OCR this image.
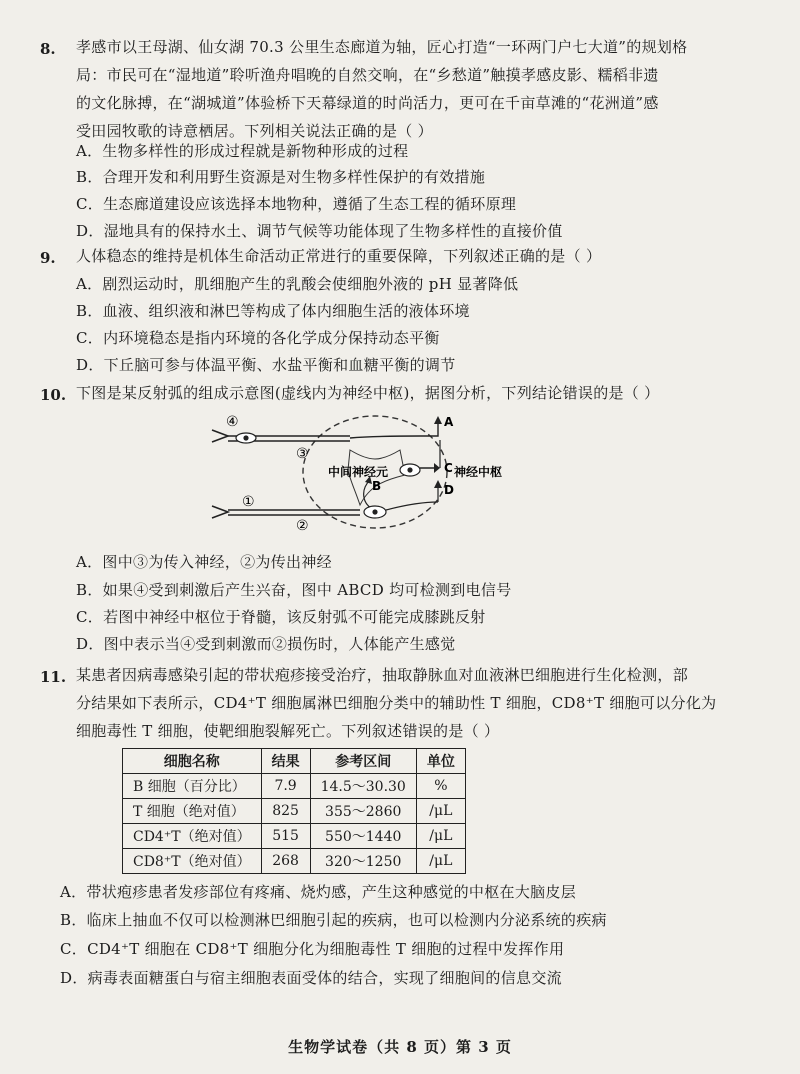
8. 孝感市以王母湖、仙女湖 70.3 公里生态廊道为轴，匠心打造“一环两门户七大道”的规划格
局：市民可在“湿地道”聆听渔舟唱晚的自然交响，在“乡愁道”触摸孝感皮影、糯稻非遗
的文化脉搏，在“湖城道”体验桥下天幕绿道的时尚活力，更可在千亩草滩的“花洲道”感
受田园牧歌的诗意栖居。下列相关说法正确的是（ ）
A．生物多样性的形成过程就是新物种形成的过程
B．合理开发和利用野生资源是对生物多样性保护的有效措施
C．生态廊道建设应该选择本地物种，遵循了生态工程的循环原理
D．湿地具有的保持水土、调节气候等功能体现了生物多样性的直接价值
9. 人体稳态的维持是机体生命活动正常进行的重要保障，下列叙述正确的是（ ）
A．剧烈运动时，肌细胞产生的乳酸会使细胞外液的 pH 显著降低
B．血液、组织液和淋巴等构成了体内细胞生活的液体环境
C．内环境稳态是指内环境的各化学成分保持动态平衡
D．下丘脑可参与体温平衡、水盐平衡和血糖平衡的调节
10. 下图是某反射弧的组成示意图(虚线内为神经中枢)，据图分析，下列结论错误的是（ ）
④
③
①
②
A
B
C
D
中间神经元	神经中枢
A．图中③为传入神经，②为传出神经
B．如果④受到刺激后产生兴奋，图中 ABCD 均可检测到电信号
C．若图中神经中枢位于脊髓，该反射弧不可能完成膝跳反射
D．图中表示当④受到刺激而②损伤时，人体能产生感觉
11. 某患者因病毒感染引起的带状疱疹接受治疗，抽取静脉血对血液淋巴细胞进行生化检测，部
分结果如下表所示，CD4⁺T 细胞属淋巴细胞分类中的辅助性 T 细胞，CD8⁺T 细胞可以分化为
细胞毒性 T 细胞，使靶细胞裂解死亡。下列叙述错误的是（ ）
细胞名称	结果	参考区间	单位
B 细胞（百分比）	7.9	14.5～30.30	%
T 细胞（绝对值）	825	355～2860	/μL
CD4⁺T（绝对值）	515	550～1440	/μL
CD8⁺T（绝对值）	268	320～1250	/μL
A．带状疱疹患者发疹部位有疼痛、烧灼感，产生这种感觉的中枢在大脑皮层
B．临床上抽血不仅可以检测淋巴细胞引起的疾病，也可以检测内分泌系统的疾病
C．CD4⁺T 细胞在 CD8⁺T 细胞分化为细胞毒性 T 细胞的过程中发挥作用
D．病毒表面糖蛋白与宿主细胞表面受体的结合，实现了细胞间的信息交流
生物学试卷（共 8 页）第 3 页
